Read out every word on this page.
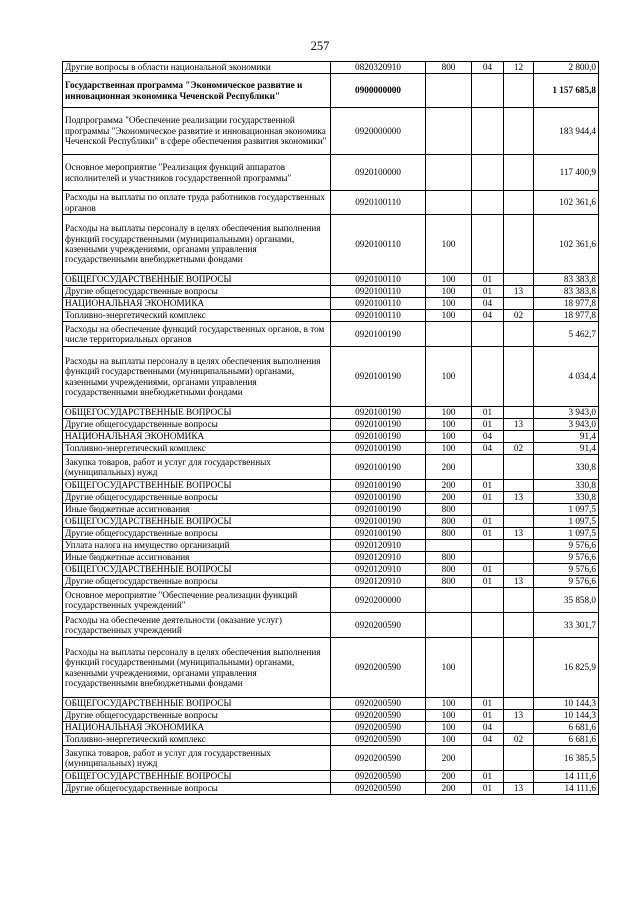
257
Другие вопросы в области национальной экономики	0820320910	800	04	12	2 800,0
Государственная программа "Экономическое развитие и инновационная экономика Чеченской Республики"	0900000000				1 157 685,8
Подпрограмма "Обеспечение реализации государственной программы "Экономическое развитие и инновационная экономика Чеченской Республики" в сфере обеспечения развития экономики"	0920000000				183 944,4
Основное мероприятие "Реализация функций аппаратов исполнителей и участников государственной программы"	0920100000				117 400,9
Расходы на выплаты по оплате труда работников государственных органов	0920100110				102 361,6
Расходы на выплаты персоналу в целях обеспечения выполнения функций государственными (муниципальными) органами, казенными учреждениями, органами управления государственными внебюджетными фондами	0920100110	100			102 361,6
ОБЩЕГОСУДАРСТВЕННЫЕ ВОПРОСЫ	0920100110	100	01		83 383,8
Другие общегосударственные вопросы	0920100110	100	01	13	83 383,8
НАЦИОНАЛЬНАЯ ЭКОНОМИКА	0920100110	100	04		18 977,8
Топливно-энергетический комплекс	0920100110	100	04	02	18 977,8
Расходы на обеспечение функций государственных органов, в том числе территориальных органов	0920100190				5 462,7
Расходы на выплаты персоналу в целях обеспечения выполнения функций государственными (муниципальными) органами, казенными учреждениями, органами управления государственными внебюджетными фондами	0920100190	100			4 034,4
ОБЩЕГОСУДАРСТВЕННЫЕ ВОПРОСЫ	0920100190	100	01		3 943,0
Другие общегосударственные вопросы	0920100190	100	01	13	3 943,0
НАЦИОНАЛЬНАЯ ЭКОНОМИКА	0920100190	100	04		91,4
Топливно-энергетический комплекс	0920100190	100	04	02	91,4
Закупка товаров, работ и услуг для государственных (муниципальных) нужд	0920100190	200			330,8
ОБЩЕГОСУДАРСТВЕННЫЕ ВОПРОСЫ	0920100190	200	01		330,8
Другие общегосударственные вопросы	0920100190	200	01	13	330,8
Иные бюджетные ассигнования	0920100190	800			1 097,5
ОБЩЕГОСУДАРСТВЕННЫЕ ВОПРОСЫ	0920100190	800	01		1 097,5
Другие общегосударственные вопросы	0920100190	800	01	13	1 097,5
Уплата налога на имущество организаций	0920120910				9 576,6
Иные бюджетные ассигнования	0920120910	800			9 576,6
ОБЩЕГОСУДАРСТВЕННЫЕ ВОПРОСЫ	0920120910	800	01		9 576,6
Другие общегосударственные вопросы	0920120910	800	01	13	9 576,6
Основное мероприятие "Обеспечение реализации функций государственных учреждений"	0920200000				35 858,0
Расходы на обеспечение деятельности (оказание услуг) государственных учреждений	0920200590				33 301,7
Расходы на выплаты персоналу в целях обеспечения выполнения функций государственными (муниципальными) органами, казенными учреждениями, органами управления государственными внебюджетными фондами	0920200590	100			16 825,9
ОБЩЕГОСУДАРСТВЕННЫЕ ВОПРОСЫ	0920200590	100	01		10 144,3
Другие общегосударственные вопросы	0920200590	100	01	13	10 144,3
НАЦИОНАЛЬНАЯ ЭКОНОМИКА	0920200590	100	04		6 681,6
Топливно-энергетический комплекс	0920200590	100	04	02	6 681,6
Закупка товаров, работ и услуг для государственных (муниципальных) нужд	0920200590	200			16 385,5
ОБЩЕГОСУДАРСТВЕННЫЕ ВОПРОСЫ	0920200590	200	01		14 111,6
Другие общегосударственные вопросы	0920200590	200	01	13	14 111,6
